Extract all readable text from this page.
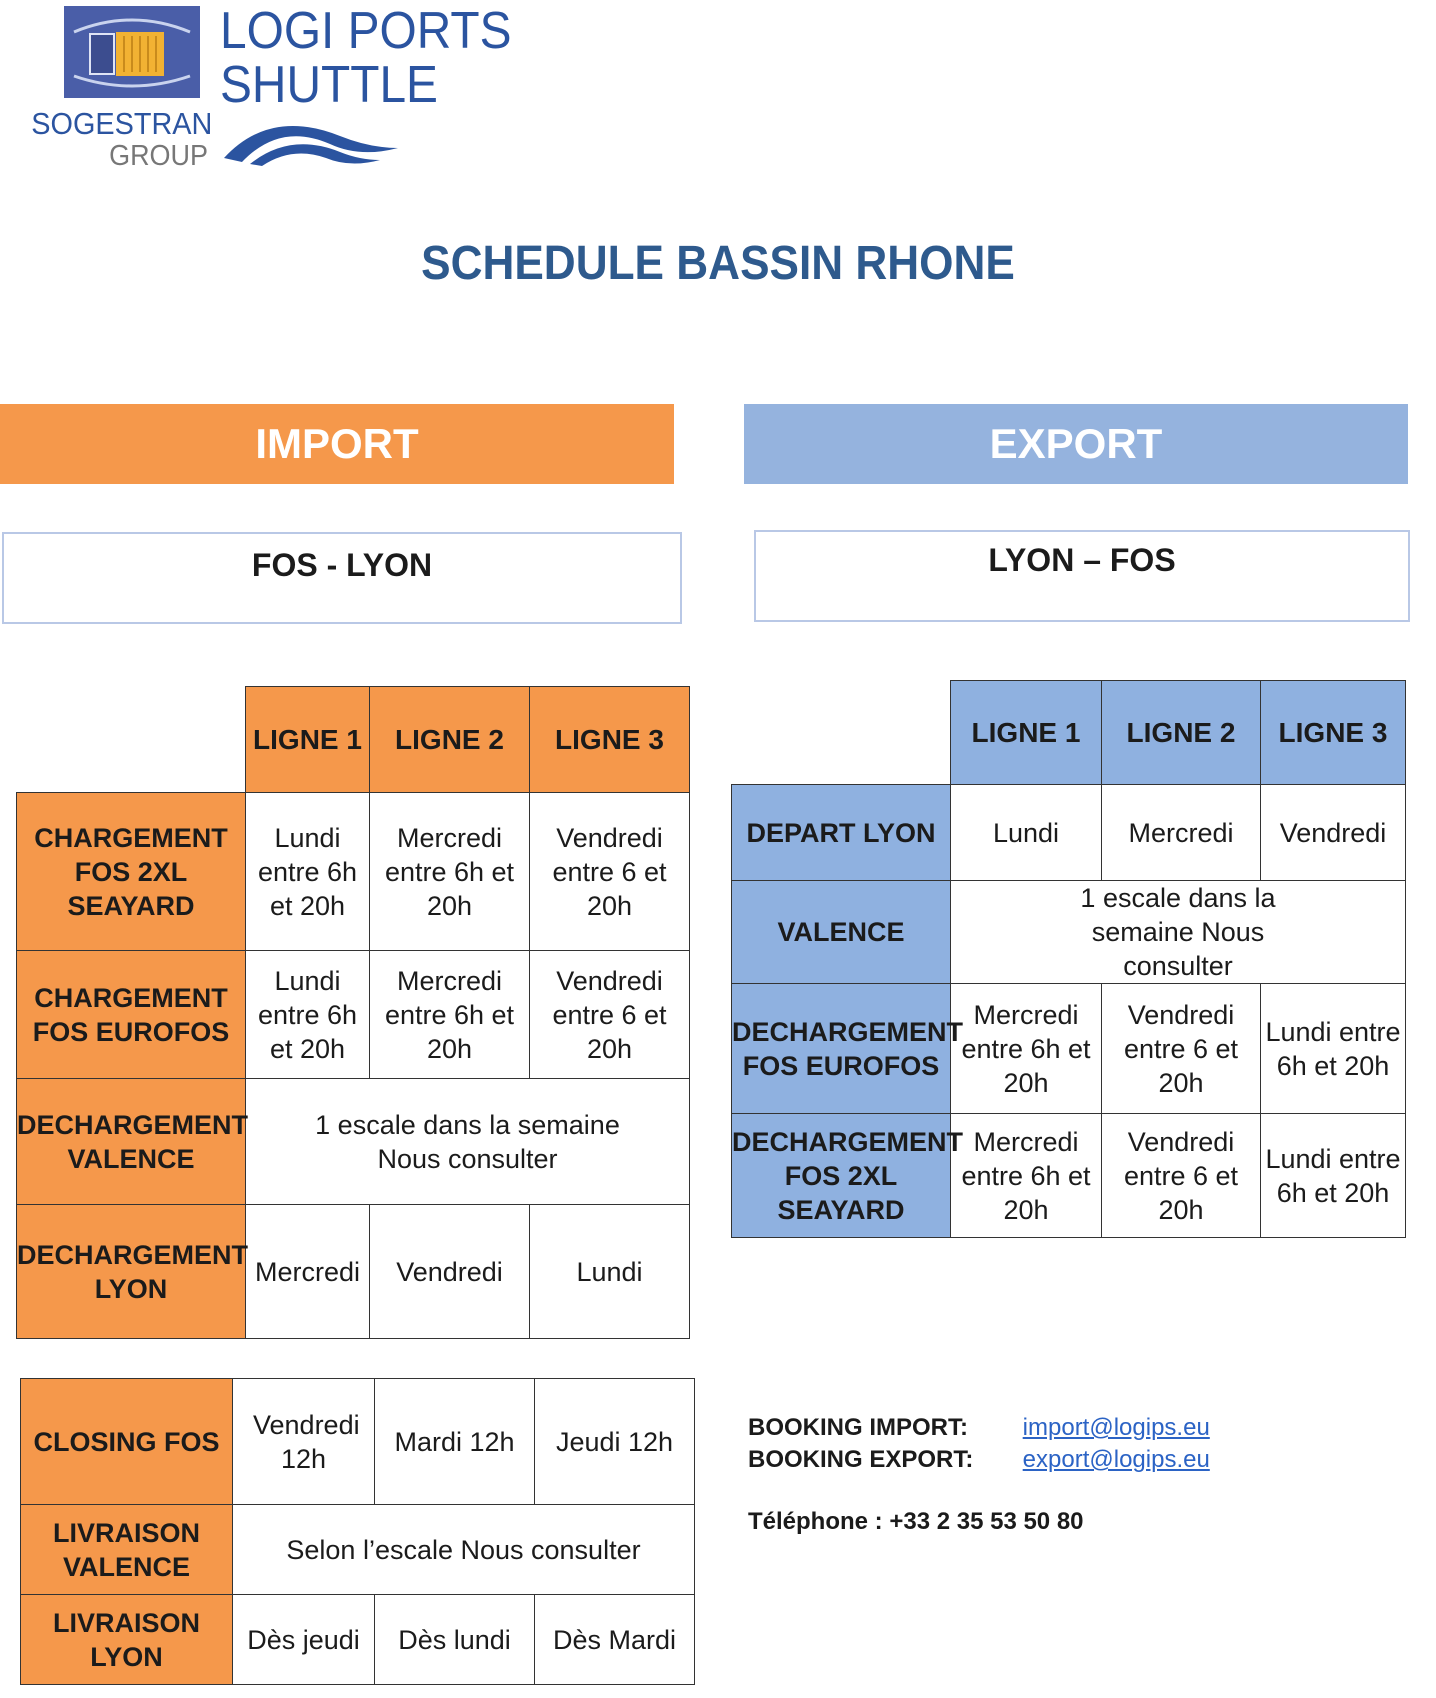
LOGI PORTS
SHUTTLE
SOGESTRAN
GROUP
SCHEDULE BASSIN RHONE
IMPORT	EXPORT
FOS - LYON	LYON – FOS
	LIGNE 1	LIGNE 2	LIGNE 3
CHARGEMENT FOS 2XL SEAYARD	Lundi entre 6h et 20h	Mercredi entre 6h et 20h	Vendredi entre 6 et 20h
CHARGEMENT FOS EUROFOS	Lundi entre 6h et 20h	Mercredi entre 6h et 20h	Vendredi entre 6 et 20h
DECHARGEMENT VALENCE	1 escale dans la semaine Nous consulter		
DECHARGEMENT LYON	Mercredi	Vendredi	Lundi
CLOSING FOS	Vendredi 12h	Mardi 12h	Jeudi 12h
LIVRAISON VALENCE	Selon l’escale Nous consulter		
LIVRAISON LYON	Dès jeudi	Dès lundi	Dès Mardi
	LIGNE 1	LIGNE 2	LIGNE 3
DEPART LYON	Lundi	Mercredi	Vendredi
VALENCE	1 escale dans la semaine Nous consulter		
DECHARGEMENT FOS EUROFOS	Mercredi entre 6h et 20h	Vendredi entre 6 et 20h	Lundi entre 6h et 20h
DECHARGEMENT FOS 2XL SEAYARD	Mercredi entre 6h et 20h	Vendredi entre 6 et 20h	Lundi entre 6h et 20h
BOOKING IMPORT: import@logips.eu
BOOKING EXPORT: export@logips.eu
Téléphone : +33 2 35 53 50 80
